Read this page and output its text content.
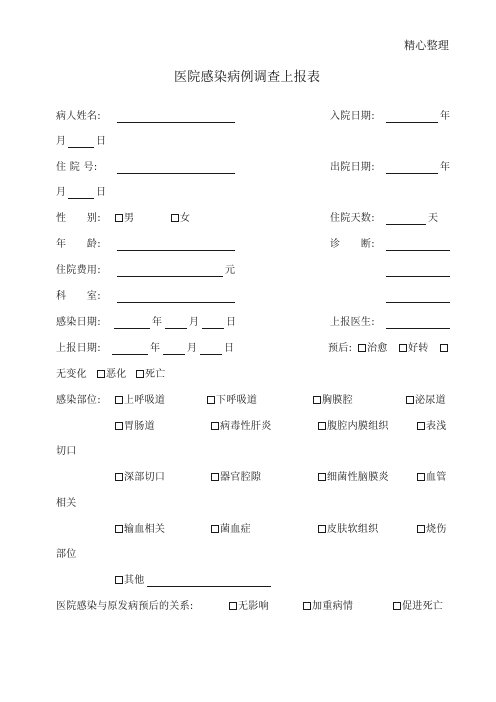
精心整理
医院感染病例调查上报表
病人姓名:	入院日期:	年
月	日
住 院 号:	出院日期:	年
月	日
性　　别:	男	女	住院天数:	天
年　　龄:	诊　　断:
住院费用:	元
科　　室:
感染日期:	年	月	日	上报医生:
上报日期:	年	月	日	预后:	治愈	好转
无变化	恶化	死亡
感染部位:	上呼吸道	下呼吸道	胸膜腔	泌尿道
胃肠道	病毒性肝炎	腹腔内膜组织	表浅
切口
深部切口	器官腔隙	细菌性脑膜炎	血管
相关
输血相关	菌血症	皮肤软组织	烧伤
部位
其他
医院感染与原发病预后的关系:	无影响	加重病情	促进死亡
